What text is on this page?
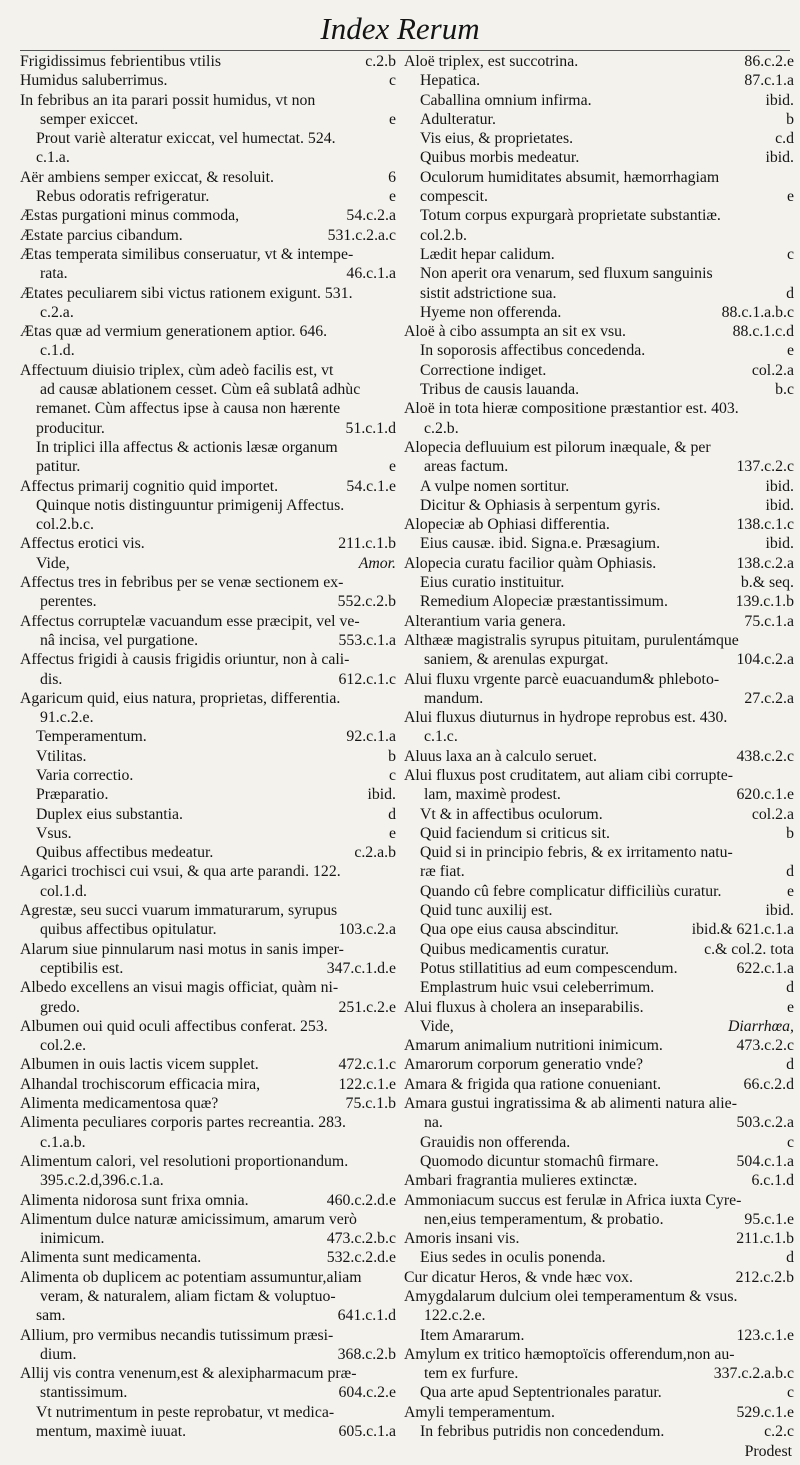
Index Rerum
Frigidissimus febrientibus vtilis	c.2.b
Humidus saluberrimus.	c
In febribus an ita parari possit humidus, vt non
semper exiccet.	e
Prout variè alteratur exiccat, vel humectat. 524.
c.1.a.
Aër ambiens semper exiccat, & resoluit.	6
Rebus odoratis refrigeratur.	e
Æstas purgationi minus commoda,	54.c.2.a
Æstate parcius cibandum.	531.c.2.a.c
Ætas temperata similibus conseruatur, vt & intempe-
rata.	46.c.1.a
Ætates peculiarem sibi victus rationem exigunt. 531.
c.2.a.
Ætas quæ ad vermium generationem aptior. 646.
c.1.d.
Affectuum diuisio triplex, cùm adeò facilis est, vt
ad causæ ablationem cesset. Cùm eâ sublatâ adhùc
remanet. Cùm affectus ipse à causa non hærente
producitur.	51.c.1.d
In triplici illa affectus & actionis læsæ organum
patitur.	e
Affectus primarij cognitio quid importet.	54.c.1.e
Quinque notis distinguuntur primigenij Affectus.
col.2.b.c.
Affectus erotici vis.	211.c.1.b
Vide,	Amor.
Affectus tres in febribus per se venæ sectionem ex-
perentes.	552.c.2.b
Affectus corruptelæ vacuandum esse præcipit, vel ve-
nâ incisa, vel purgatione.	553.c.1.a
Affectus frigidi à causis frigidis oriuntur, non à cali-
dis.	612.c.1.c
Agaricum quid, eius natura, proprietas, differentia.
91.c.2.e.
Temperamentum.	92.c.1.a
Vtilitas.	b
Varia correctio.	c
Præparatio.	ibid.
Duplex eius substantia.	d
Vsus.	e
Quibus affectibus medeatur.	c.2.a.b
Agarici trochisci cui vsui, & qua arte parandi. 122.
col.1.d.
Agrestæ, seu succi vuarum immaturarum, syrupus
quibus affectibus opitulatur.	103.c.2.a
Alarum siue pinnularum nasi motus in sanis imper-
ceptibilis est.	347.c.1.d.e
Albedo excellens an visui magis officiat, quàm ni-
gredo.	251.c.2.e
Albumen oui quid oculi affectibus conferat. 253.
col.2.e.
Albumen in ouis lactis vicem supplet.	472.c.1.c
Alhandal trochiscorum efficacia mira,	122.c.1.e
Alimenta medicamentosa quæ?	75.c.1.b
Alimenta peculiares corporis partes recreantia. 283.
c.1.a.b.
Alimentum calori, vel resolutioni proportionandum.
395.c.2.d,396.c.1.a.
Alimenta nidorosa sunt frixa omnia.	460.c.2.d.e
Alimentum dulce naturæ amicissimum, amarum verò
inimicum.	473.c.2.b.c
Alimenta sunt medicamenta.	532.c.2.d.e
Alimenta ob duplicem ac potentiam assumuntur,aliam
veram, & naturalem, aliam fictam & voluptuo-
sam.	641.c.1.d
Allium, pro vermibus necandis tutissimum præsi-
dium.	368.c.2.b
Allij vis contra venenum,est & alexipharmacum præ-
stantissimum.	604.c.2.e
Vt nutrimentum in peste reprobatur, vt medica-
mentum, maximè iuuat.	605.c.1.a
Aloë triplex, est succotrina.	86.c.2.e
Hepatica.	87.c.1.a
Caballina omnium infirma.	ibid.
Adulteratur.	b
Vis eius, & proprietates.	c.d
Quibus morbis medeatur.	ibid.
Oculorum humiditates absumit, hæmorrhagiam
compescit.	e
Totum corpus expurgarà proprietate substantiæ.
col.2.b.
Lædit hepar calidum.	c
Non aperit ora venarum, sed fluxum sanguinis
sistit adstrictione sua.	d
Hyeme non offerenda.	88.c.1.a.b.c
Aloë à cibo assumpta an sit ex vsu.	88.c.1.c.d
In soporosis affectibus concedenda.	e
Correctione indiget.	col.2.a
Tribus de causis lauanda.	b.c
Aloë in tota hieræ compositione præstantior est. 403.
c.2.b.
Alopecia defluuium est pilorum inæquale, & per
areas factum.	137.c.2.c
A vulpe nomen sortitur.	ibid.
Dicitur & Ophiasis à serpentum gyris.	ibid.
Alopeciæ ab Ophiasi differentia.	138.c.1.c
Eius causæ. ibid. Signa.e. Præsagium.	ibid.
Alopecia curatu facilior quàm Ophiasis.	138.c.2.a
Eius curatio instituitur.	b.& seq.
Remedium Alopeciæ præstantissimum.	139.c.1.b
Alterantium varia genera.	75.c.1.a
Althææ magistralis syrupus pituitam, purulentámque
saniem, & arenulas expurgat.	104.c.2.a
Alui fluxu vrgente parcè euacuandum& phleboto-
mandum.	27.c.2.a
Alui fluxus diuturnus in hydrope reprobus est. 430.
c.1.c.
Aluus laxa an à calculo seruet.	438.c.2.c
Alui fluxus post cruditatem, aut aliam cibi corrupte-
lam, maximè prodest.	620.c.1.e
Vt & in affectibus oculorum.	col.2.a
Quid faciendum si criticus sit.	b
Quid si in principio febris, & ex irritamento natu-
ræ fiat.	d
Quando cû febre complicatur difficiliùs curatur.	e
Quid tunc auxilij est.	ibid.
Qua ope eius causa abscinditur.	ibid.& 621.c.1.a
Quibus medicamentis curatur.	c.& col.2. tota
Potus stillatitius ad eum compescendum.	622.c.1.a
Emplastrum huic vsui celeberrimum.	d
Alui fluxus à cholera an inseparabilis.	e
Vide,	Diarrhœa,
Amarum animalium nutritioni inimicum.	473.c.2.c
Amarorum corporum generatio vnde?	d
Amara & frigida qua ratione conueniant.	66.c.2.d
Amara gustui ingratissima & ab alimenti natura alie-
na.	503.c.2.a
Grauidis non offerenda.	c
Quomodo dicuntur stomachû firmare.	504.c.1.a
Ambari fragrantia mulieres extinctæ.	6.c.1.d
Ammoniacum succus est ferulæ in Africa iuxta Cyre-
nen,eius temperamentum, & probatio.	95.c.1.e
Amoris insani vis.	211.c.1.b
Eius sedes in oculis ponenda.	d
Cur dicatur Heros, & vnde hæc vox.	212.c.2.b
Amygdalarum dulcium olei temperamentum & vsus.
122.c.2.e.
Item Amararum.	123.c.1.e
Amylum ex tritico hæmoptoïcis offerendum,non au-
tem ex furfure.	337.c.2.a.b.c
Qua arte apud Septentrionales paratur.	c
Amyli temperamentum.	529.c.1.e
In febribus putridis non concedendum.	c.2.c
Prodest
